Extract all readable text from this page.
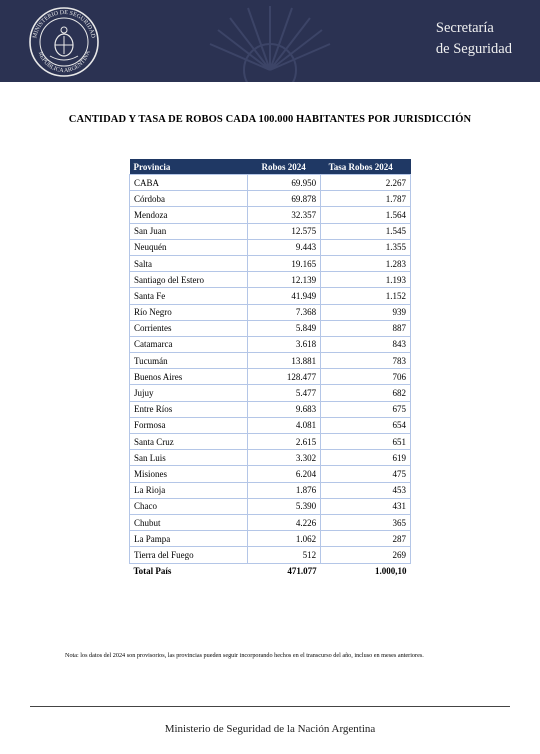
MINISTERIO DE SEGURIDAD
REPÚBLICA ARGENTINA
Secretaría
de Seguridad
CANTIDAD Y TASA DE ROBOS CADA 100.000 HABITANTES POR JURISDICCIÓN
Provincia	Robos 2024	Tasa Robos 2024
CABA	69.950	2.267
Córdoba	69.878	1.787
Mendoza	32.357	1.564
San Juan	12.575	1.545
Neuquén	9.443	1.355
Salta	19.165	1.283
Santiago del Estero	12.139	1.193
Santa Fe	41.949	1.152
Río Negro	7.368	939
Corrientes	5.849	887
Catamarca	3.618	843
Tucumán	13.881	783
Buenos Aires	128.477	706
Jujuy	5.477	682
Entre Ríos	9.683	675
Formosa	4.081	654
Santa Cruz	2.615	651
San Luis	3.302	619
Misiones	6.204	475
La Rioja	1.876	453
Chaco	5.390	431
Chubut	4.226	365
La Pampa	1.062	287
Tierra del Fuego	512	269
Total País	471.077	1.000,10
Nota: los datos del 2024 son provisorios, las provincias pueden seguir incorporando hechos en el transcurso del año, incluso en meses anteriores.
Ministerio de Seguridad de la Nación Argentina
